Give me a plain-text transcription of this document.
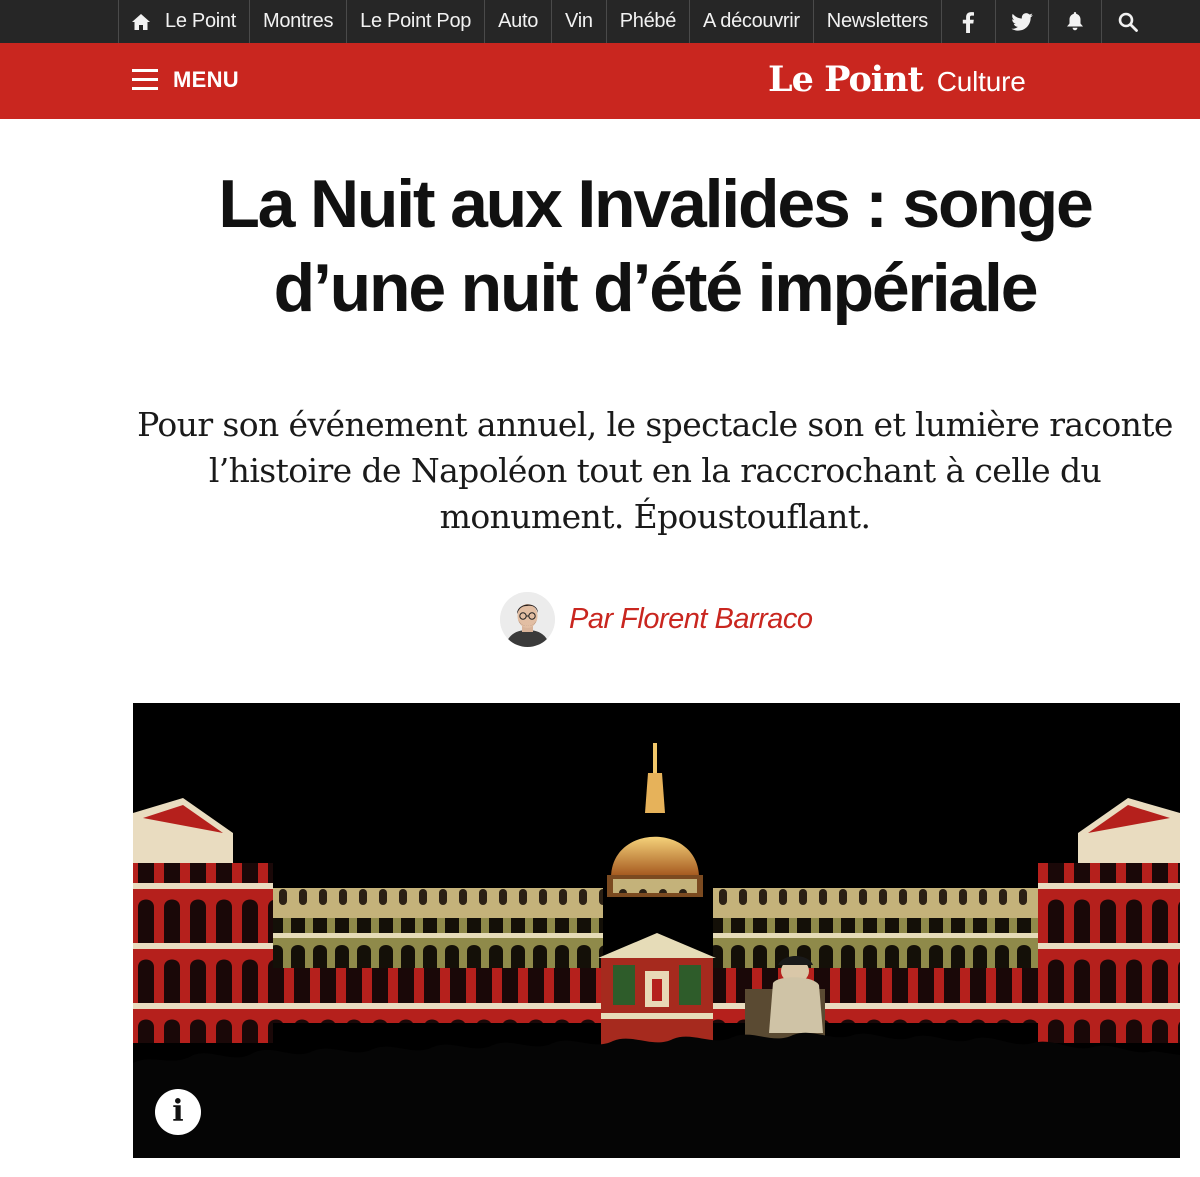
Le Point Montres Le Point Pop Auto Vin Phébé A découvrir Newsletters
MENU	Le Point Culture
La Nuit aux Invalides : songe d’une nuit d’été impériale

Pour son événement annuel, le spectacle son et lumière raconte l’histoire de Napoléon tout en la raccrochant à celle du monument. Époustouflant.

Par Florent Barraco
i
